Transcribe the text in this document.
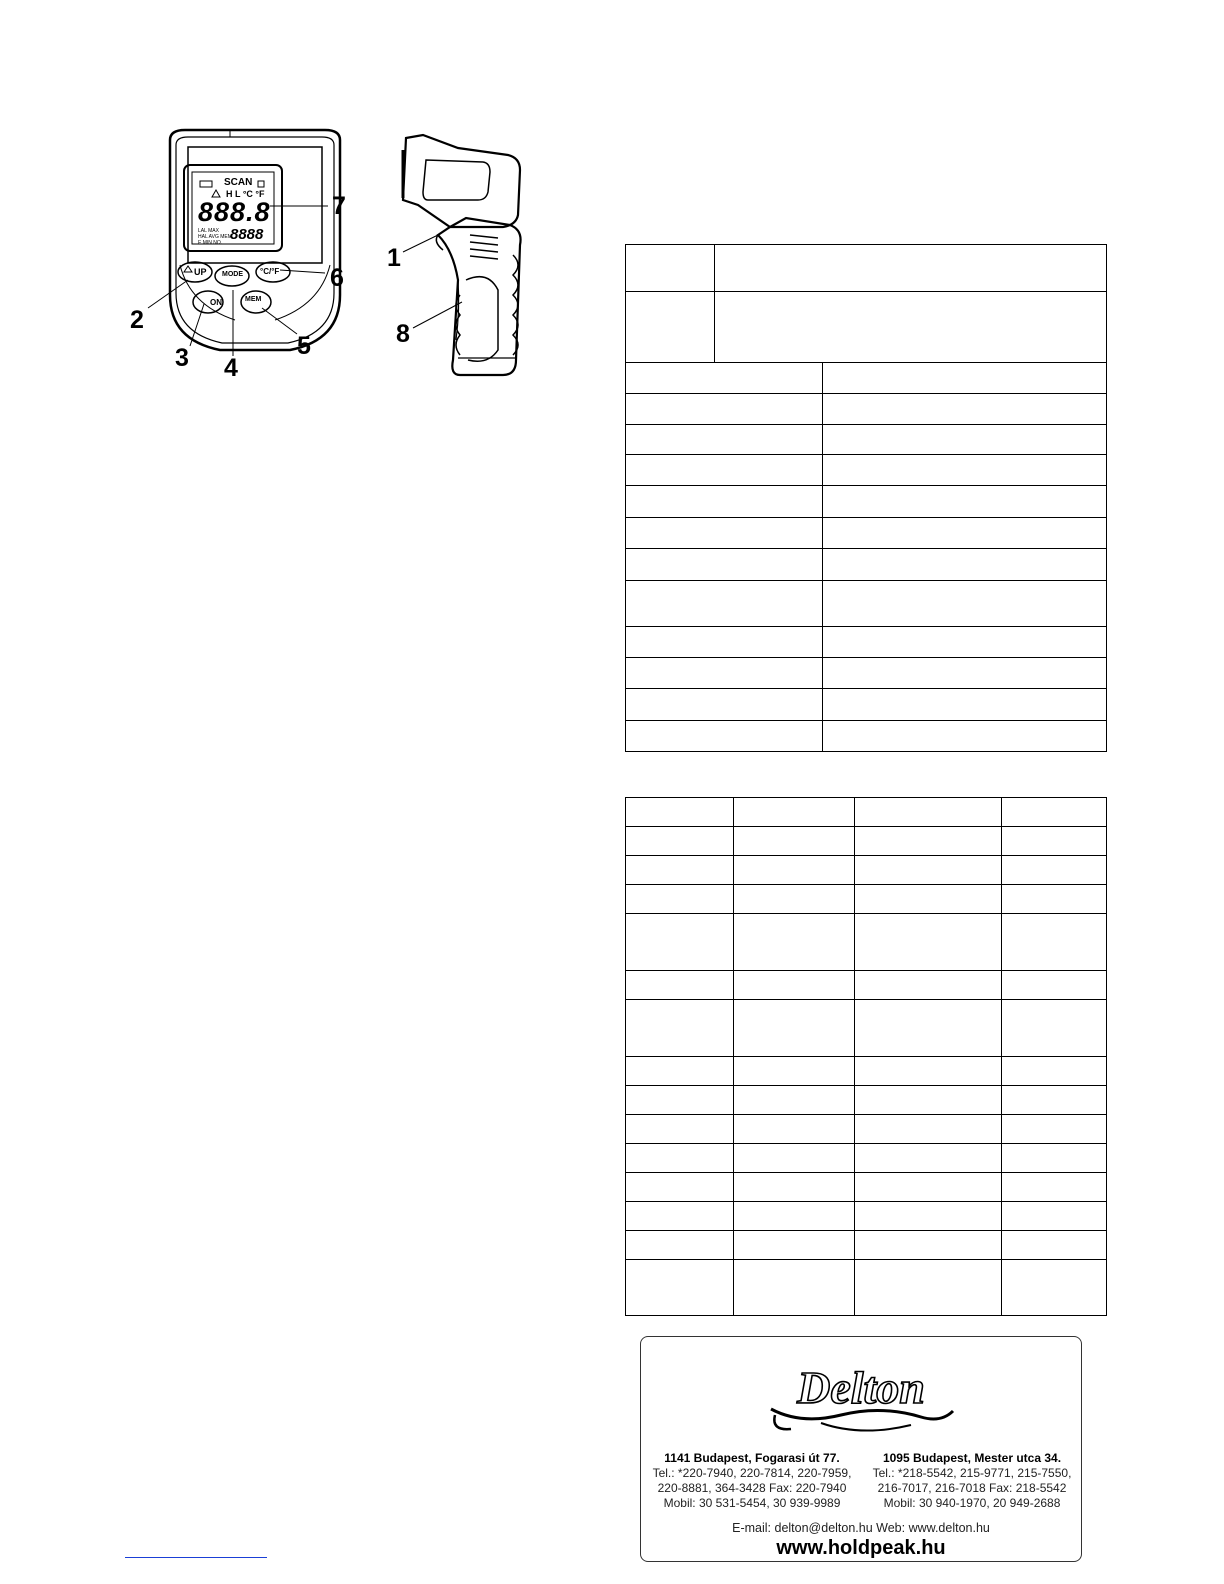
SCAN
H L °C °F
888.8
LAL MAX
HAL AVG MEM
E MIN NO. 8888
UP MODE °C/°F
ON	MEM
7
6
2
3 4
5
1
8

Delton
1141 Budapest, Fogarasi út 77.
Tel.: *220-7940, 220-7814, 220-7959,
220-8881, 364-3428 Fax: 220-7940
Mobil: 30 531-5454, 30 939-9989
1095 Budapest, Mester utca 34.
Tel.: *218-5542, 215-9771, 215-7550,
216-7017, 216-7018 Fax: 218-5542
Mobil: 30 940-1970, 20 949-2688
E-mail: delton@delton.hu Web: www.delton.hu
www.holdpeak.hu
